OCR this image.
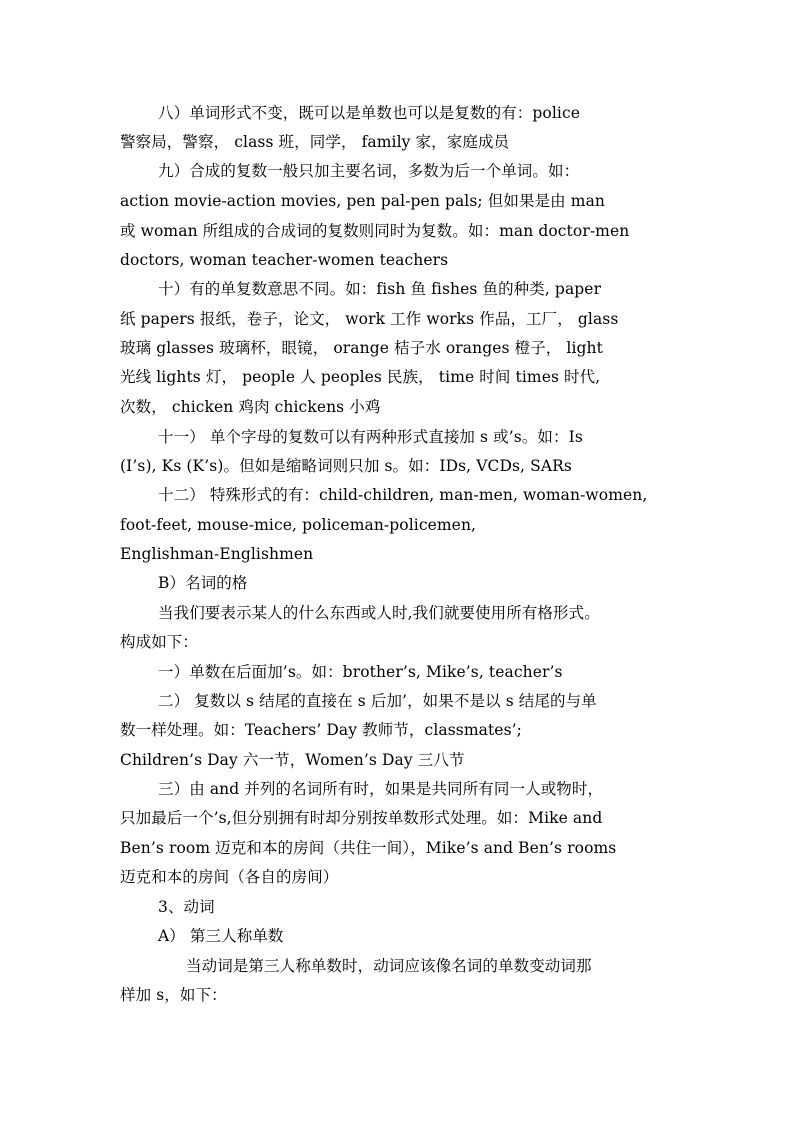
八）单词形式不变，既可以是单数也可以是复数的有：police
警察局，警察， class 班，同学， family 家，家庭成员
九）合成的复数一般只加主要名词，多数为后一个单词。如：
action movie-action movies, pen pal-pen pals; 但如果是由 man
或 woman 所组成的合成词的复数则同时为复数。如：man doctor-men
doctors, woman teacher-women teachers
十）有的单复数意思不同。如：fish 鱼 fishes 鱼的种类, paper
纸 papers 报纸，卷子，论文， work 工作 works 作品，工厂， glass
玻璃 glasses 玻璃杯，眼镜， orange 桔子水 oranges 橙子， light
光线 lights 灯， people 人 peoples 民族， time 时间 times 时代,
次数， chicken 鸡肉 chickens 小鸡
十一） 单个字母的复数可以有两种形式直接加 s 或’s。如：Is
(I’s), Ks (K’s)。但如是缩略词则只加 s。如：IDs, VCDs, SARs
十二） 特殊形式的有：child-children, man-men, woman-women,
foot-feet, mouse-mice, policeman-policemen,
Englishman-Englishmen
B）名词的格
当我们要表示某人的什么东西或人时,我们就要使用所有格形式。
构成如下：
一）单数在后面加’s。如：brother’s, Mike’s, teacher’s
二） 复数以 s 结尾的直接在 s 后加’，如果不是以 s 结尾的与单
数一样处理。如：Teachers’ Day 教师节，classmates’;
Children’s Day 六一节，Women’s Day 三八节
三）由 and 并列的名词所有时，如果是共同所有同一人或物时，
只加最后一个’s,但分别拥有时却分别按单数形式处理。如：Mike and
Ben’s room 迈克和本的房间（共住一间），Mike’s and Ben’s rooms
迈克和本的房间（各自的房间）
3、动词
A） 第三人称单数
当动词是第三人称单数时，动词应该像名词的单数变动词那
样加 s，如下：
